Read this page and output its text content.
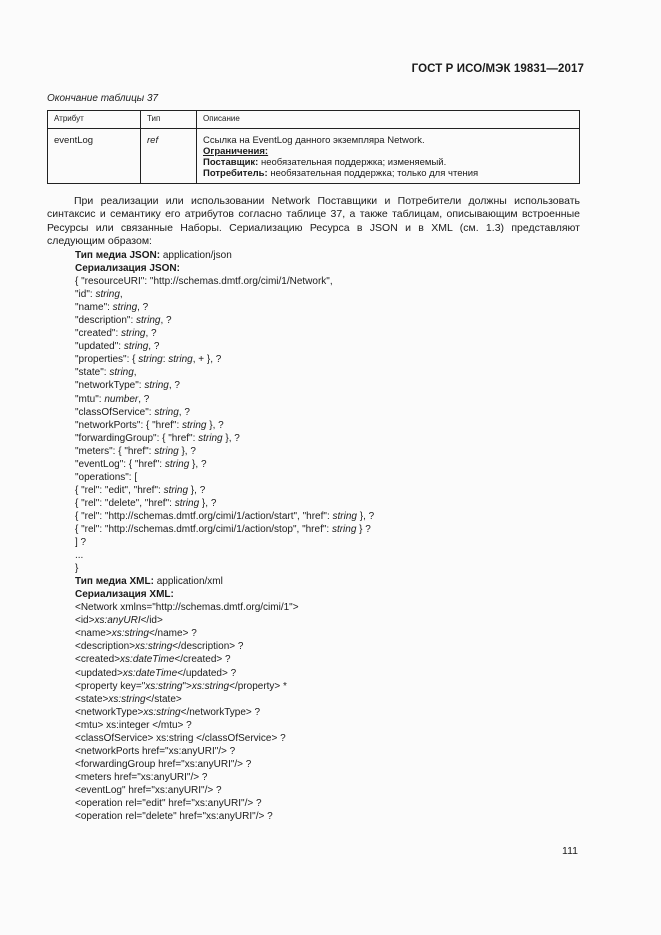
ГОСТ Р ИСО/МЭК 19831—2017
Окончание таблицы 37
Атрибут	Тип	Описание
eventLog	ref	Ссылка на EventLog данного экземпляра Network.
Ограничения:
Поставщик: необязательная поддержка; изменяемый.
Потребитель: необязательная поддержка; только для чтения

При реализации или использовании Network Поставщики и Потребители должны использовать синтаксис и семантику его атрибутов согласно таблице 37, а также таблицам, описывающим встроенные Ресурсы или связанные Наборы. Сериализацию Ресурса в JSON и в XML (см. 1.3) представляют следующим образом:

Тип медиа JSON: application/json
Сериализация JSON:
{ "resourceURI": "http://schemas.dmtf.org/cimi/1/Network",
"id": string,
"name": string, ?
"description": string, ?
"created": string, ?
"updated": string, ?
"properties": { string: string, + }, ?
"state": string,
"networkType": string, ?
"mtu": number, ?
"classOfService": string, ?
"networkPorts": { "href": string }, ?
"forwardingGroup": { "href": string }, ?
"meters": { "href": string }, ?
"eventLog": { "href": string }, ?
"operations": [
{ "rel": "edit", "href": string }, ?
{ "rel": "delete", "href": string }, ?
{ "rel": "http://schemas.dmtf.org/cimi/1/action/start", "href": string }, ?
{ "rel": "http://schemas.dmtf.org/cimi/1/action/stop", "href": string } ?
] ?
...
}
Тип медиа XML: application/xml
Сериализация XML:
<Network xmlns="http://schemas.dmtf.org/cimi/1">
<id>xs:anyURI</id>
<name>xs:string</name> ?
<description>xs:string</description> ?
<created>xs:dateTime</created> ?
<updated>xs:dateTime</updated> ?
<property key="xs:string">xs:string</property> *
<state>xs:string</state>
<networkType>xs:string</networkType> ?
<mtu> xs:integer </mtu> ?
<classOfService> xs:string </classOfService> ?
<networkPorts href="xs:anyURI"/> ?
<forwardingGroup href="xs:anyURI"/> ?
<meters href="xs:anyURI"/> ?
<eventLog" href="xs:anyURI"/> ?
<operation rel="edit" href="xs:anyURI"/> ?
<operation rel="delete" href="xs:anyURI"/> ?
111
